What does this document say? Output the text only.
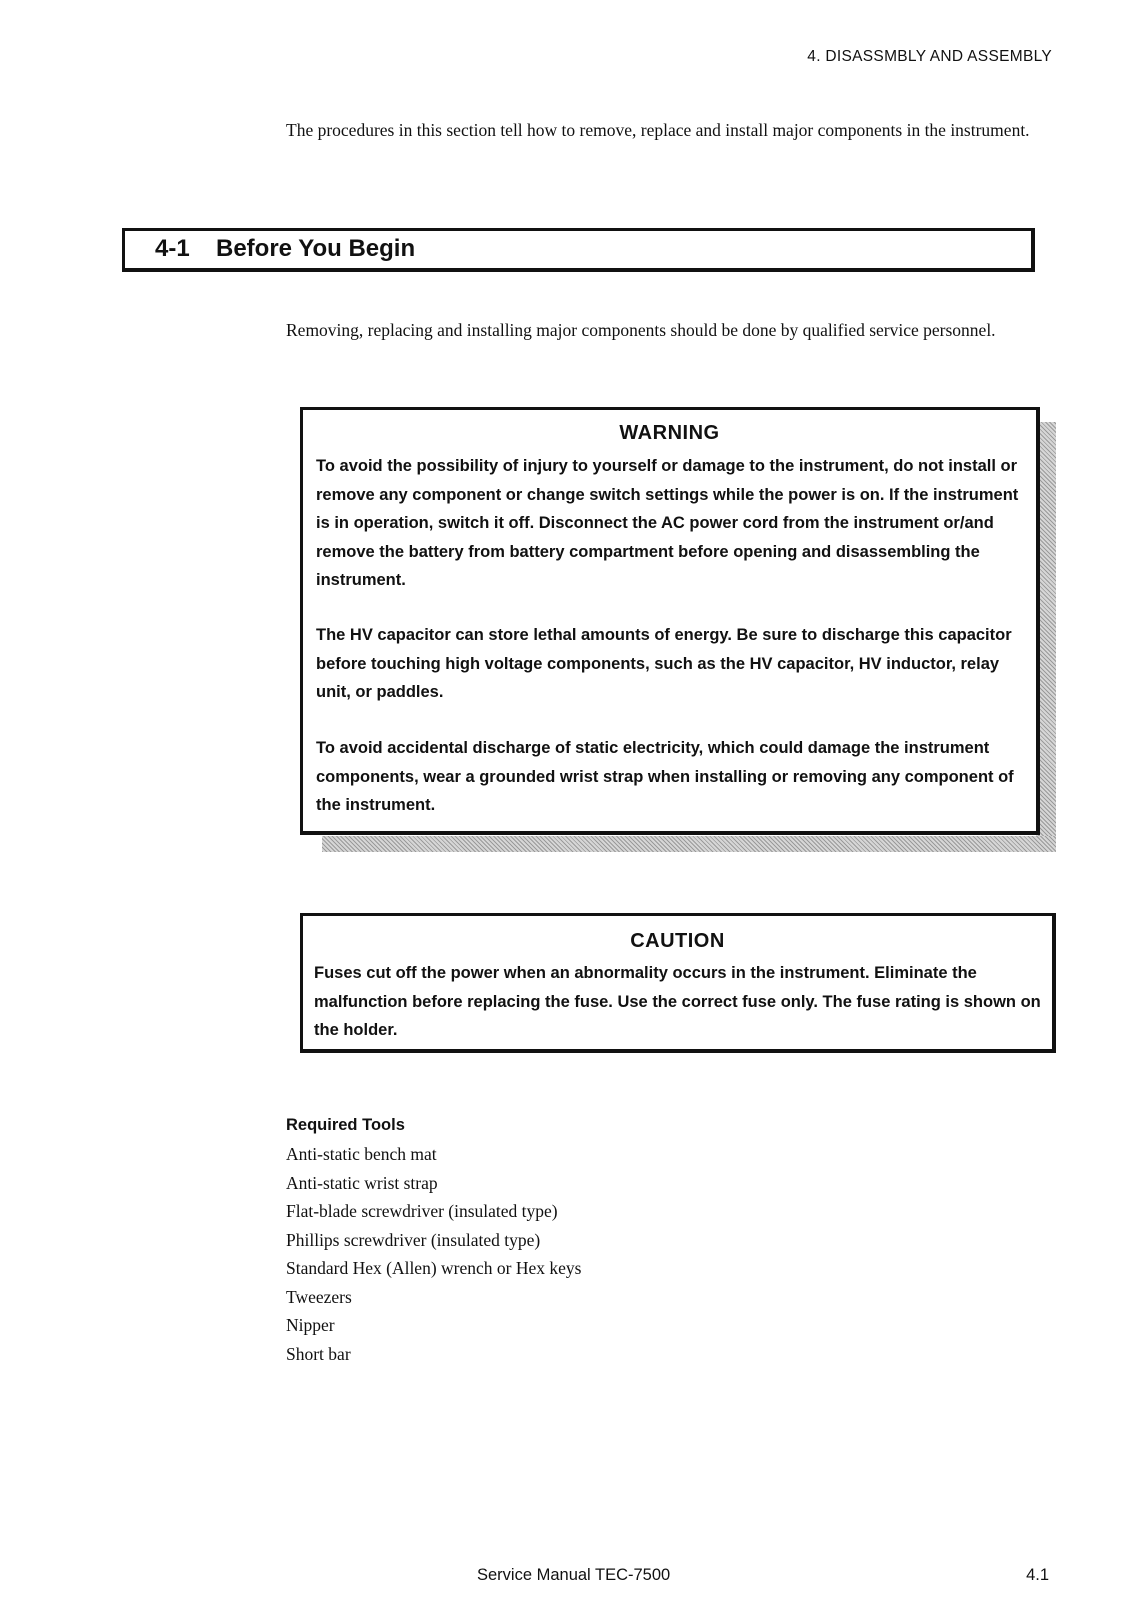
4. DISASSMBLY AND ASSEMBLY
The procedures in this section tell how to remove, replace and install major components in the instrument.
4-1 Before You Begin
Removing, replacing and installing major components should be done by qualified service personnel.
WARNING
To avoid the possibility of injury to yourself or damage to the instrument, do not install or remove any component or change switch settings while the power is on. If the instrument is in operation, switch it off. Disconnect the AC power cord from the instrument or/and remove the battery from battery compartment before opening and disassembling the instrument.
The HV capacitor can store lethal amounts of energy. Be sure to discharge this capacitor before touching high voltage components, such as the HV capacitor, HV inductor, relay unit, or paddles.
To avoid accidental discharge of static electricity, which could damage the instrument components, wear a grounded wrist strap when installing or removing any component of the instrument.
CAUTION
Fuses cut off the power when an abnormality occurs in the instrument. Eliminate the malfunction before replacing the fuse. Use the correct fuse only. The fuse rating is shown on the holder.
Required Tools
Anti-static bench mat
Anti-static wrist strap
Flat-blade screwdriver (insulated type)
Phillips screwdriver (insulated type)
Standard Hex (Allen) wrench or Hex keys
Tweezers
Nipper
Short bar
Service Manual TEC-7500	4.1
